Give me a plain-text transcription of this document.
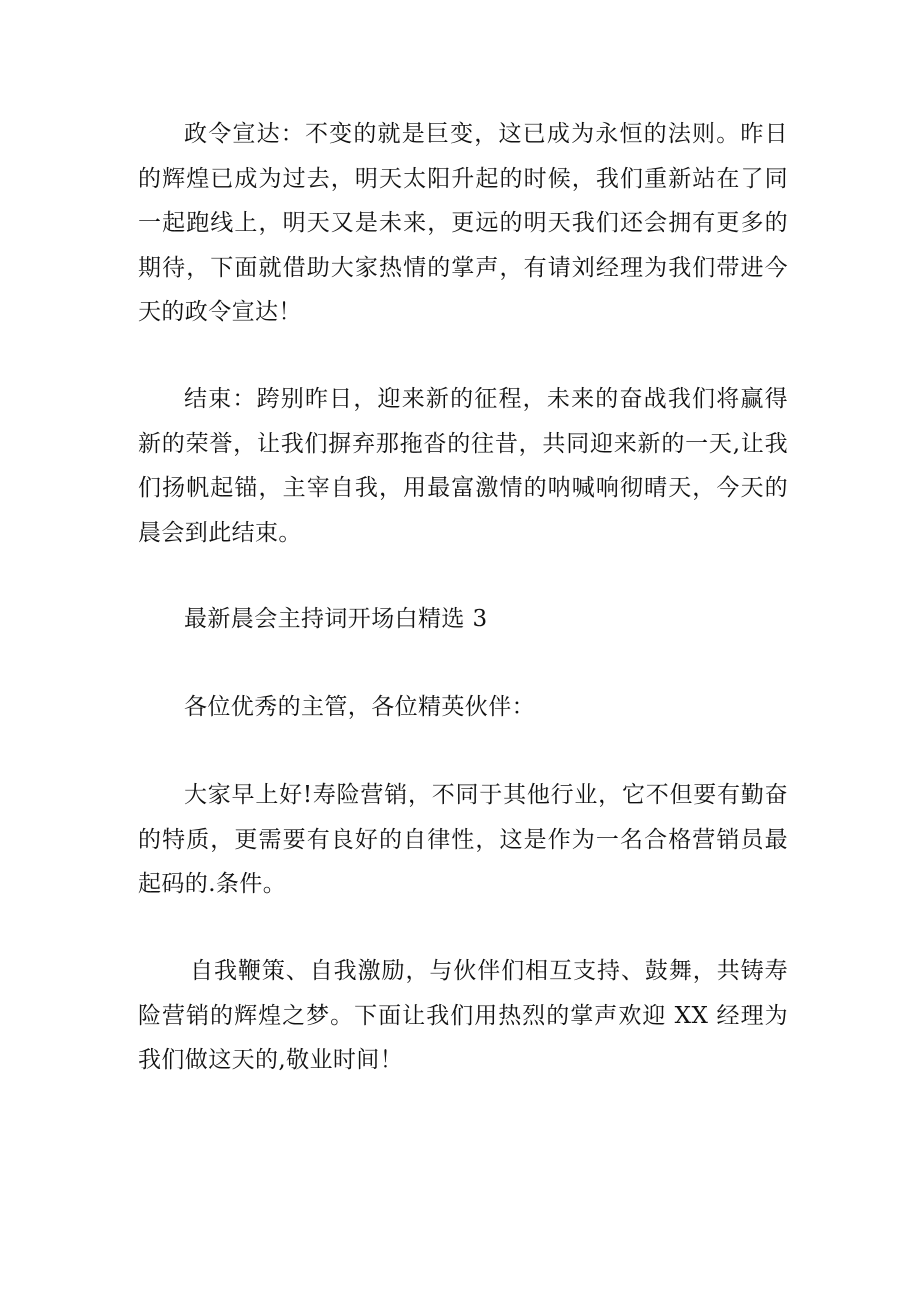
政令宣达：不变的就是巨变，这已成为永恒的法则。昨日的辉煌已成为过去，明天太阳升起的时候，我们重新站在了同一起跑线上，明天又是未来，更远的明天我们还会拥有更多的期待，下面就借助大家热情的掌声，有请刘经理为我们带进今天的政令宣达！

结束：跨别昨日，迎来新的征程，未来的奋战我们将赢得新的荣誉，让我们摒弃那拖沓的往昔，共同迎来新的一天,让我们扬帆起锚，主宰自我，用最富激情的呐喊响彻晴天，今天的晨会到此结束。

最新晨会主持词开场白精选 3

各位优秀的主管，各位精英伙伴：

大家早上好!寿险营销，不同于其他行业，它不但要有勤奋的特质，更需要有良好的自律性，这是作为一名合格营销员最起码的.条件。

自我鞭策、自我激励，与伙伴们相互支持、鼓舞，共铸寿险营销的辉煌之梦。下面让我们用热烈的掌声欢迎 XX 经理为我们做这天的,敬业时间！
